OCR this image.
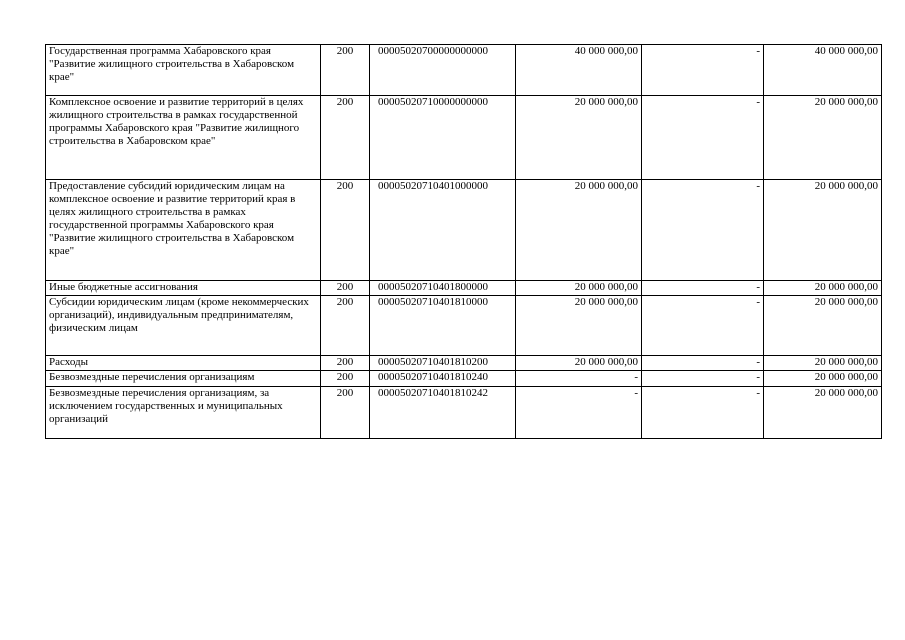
Государственная программа Хабаровского края "Развитие жилищного строительства в Хабаровском крае"	200	00005020700000000000	40 000 000,00	-	40 000 000,00
Комплексное освоение и развитие территорий в целях жилищного строительства в рамках государственной программы Хабаровского края "Развитие жилищного строительства в Хабаровском крае"	200	00005020710000000000	20 000 000,00	-	20 000 000,00
Предоставление субсидий юридическим лицам на комплексное освоение и развитие территорий края в целях жилищного строительства в рамках государственной программы Хабаровского края "Развитие жилищного строительства в Хабаровском крае"	200	00005020710401000000	20 000 000,00	-	20 000 000,00
Иные бюджетные ассигнования	200	00005020710401800000	20 000 000,00	-	20 000 000,00
Субсидии юридическим лицам (кроме некоммерческих организаций), индивидуальным предпринимателям, физическим лицам	200	00005020710401810000	20 000 000,00	-	20 000 000,00
Расходы	200	00005020710401810200	20 000 000,00	-	20 000 000,00
Безвозмездные перечисления организациям	200	00005020710401810240	-	-	20 000 000,00
Безвозмездные перечисления организациям, за исключением государственных и муниципальных организаций	200	00005020710401810242	-	-	20 000 000,00
